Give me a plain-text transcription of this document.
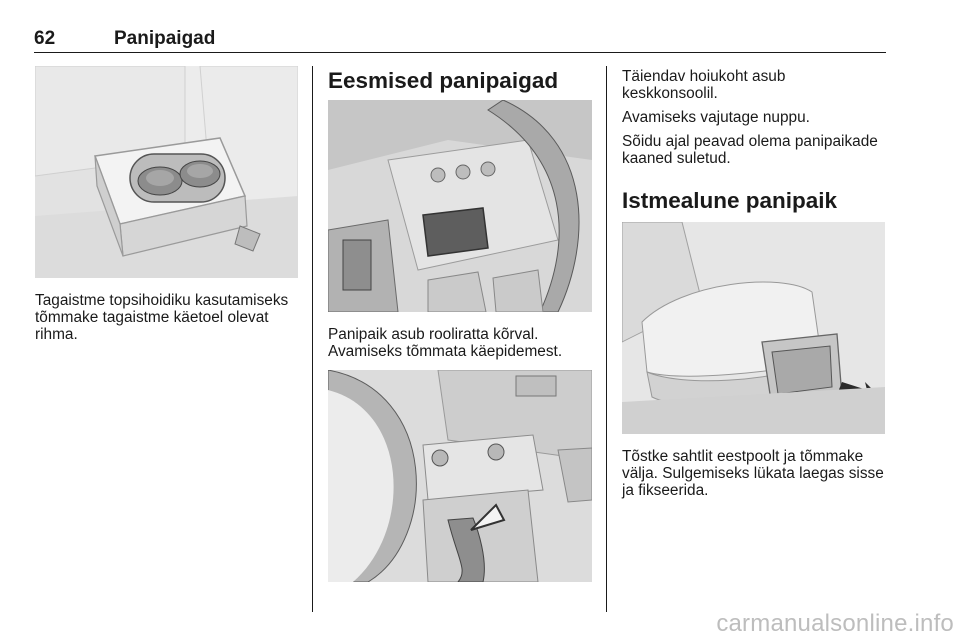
62	Panipaigad

Tagaistme topsihoidiku kasutamiseks tõmmake tagaistme käetoel olevat rihma.

Eesmised panipaigad

Panipaik asub rooliratta kõrval. Avamiseks tõmmata käepidemest.

Täiendav hoiukoht asub keskkonsoolil.

Avamiseks vajutage nuppu.

Sõidu ajal peavad olema panipaikade kaaned suletud.

Istmealune panipaik

Tõstke sahtlit eestpoolt ja tõmmake välja. Sulgemiseks lükata laegas sisse ja fikseerida.

carmanualsonline.info
